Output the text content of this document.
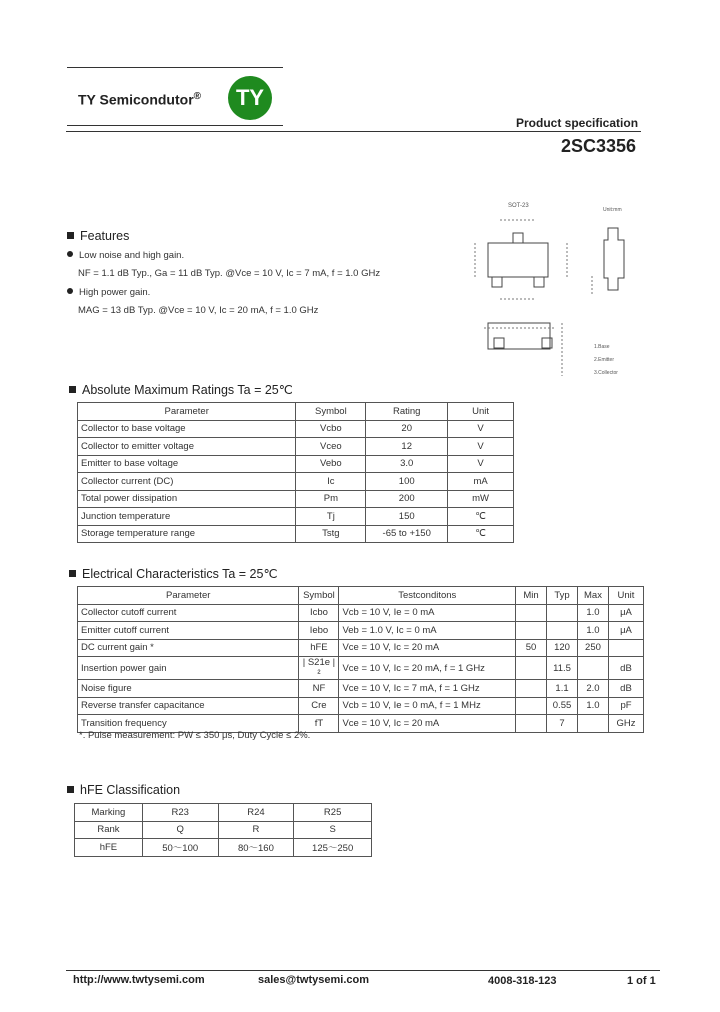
TY Semicondutor®	TY
Product specification
2SC3356
SOT-23
Unit:mm
1.Base
2.Emitter
3.Collector
Features
Low noise and high gain.
NF = 1.1 dB Typ., Ga = 11 dB Typ. @Vce = 10 V, Ic = 7 mA, f = 1.0 GHz
High power gain.
MAG = 13 dB Typ. @Vce = 10 V, Ic = 20 mA, f = 1.0 GHz
Absolute Maximum Ratings Ta = 25℃
Parameter	Symbol	Rating	Unit
Collector to base voltage	Vcbo	20	V
Collector to emitter voltage	Vceo	12	V
Emitter to base voltage	Vebo	3.0	V
Collector current (DC)	Ic	100	mA
Total power dissipation	Pm	200	mW
Junction temperature	Tj	150	℃
Storage temperature range	Tstg	-65 to +150	℃
Electrical Characteristics Ta = 25℃
Parameter	Symbol	Testconditons	Min	Typ	Max	Unit
Collector cutoff current	Icbo	Vcb = 10 V, Ie = 0 mA			1.0	μA
Emitter cutoff current	Iebo	Veb = 1.0 V, Ic = 0 mA			1.0	μA
DC current gain *	hFE	Vce = 10 V, Ic = 20 mA	50	120	250	
Insertion power gain	| S21e |²	Vce = 10 V, Ic = 20 mA, f = 1 GHz		11.5		dB
Noise figure	NF	Vce = 10 V, Ic = 7 mA, f = 1 GHz		1.1	2.0	dB
Reverse transfer capacitance	Cre	Vcb = 10 V, Ie = 0 mA, f = 1 MHz		0.55	1.0	pF
Transition frequency	fT	Vce = 10 V, Ic = 20 mA		7		GHz
*. Pulse measurement: PW ≤ 350 μs, Duty Cycle ≤ 2%.
hFE Classification
Marking	R23	R24	R25
Rank	Q	R	S
hFE	50～100	80～160	125～250
http://www.twtysemi.com	sales@twtysemi.com	4008-318-123	1 of 1
